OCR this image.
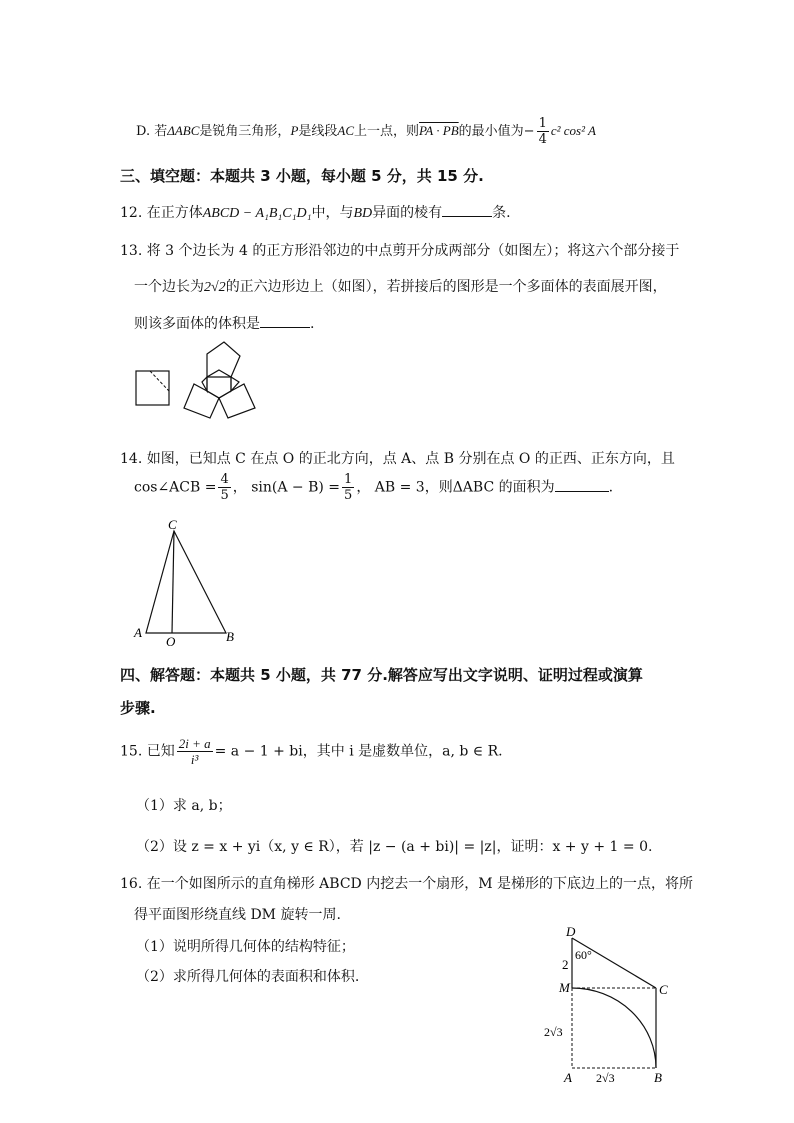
D. 若ΔABC是锐角三角形，P是线段AC上一点，则PA · PB的最小值为− $\frac{1}{4} c^2$ cos² A
三、填空题：本题共 3 小题，每小题 5 分，共 15 分.
12. 在正方体ABCD − A₁B₁C₁D₁中，与BD异面的棱有	条.
13. 将 3 个边长为 4 的正方形沿邻边的中点剪开分成两部分（如图左）；将这六个部分接于
一个边长为2√2的正六边形边上（如图），若拼接后的图形是一个多面体的表面展开图，
则该多面体的体积是	.
14. 如图，已知点 C 在点 O 的正北方向，点 A、点 B 分别在点 O 的正西、正东方向，且
cos∠ACB = $\frac{4}{5}$ ， $\sin(A - B) = \frac{1}{5}$ ， AB = 3，则ΔABC 的面积为	.
C
A
O	B
四、解答题：本题共 5 小题，共 77 分.解答应写出文字说明、证明过程或演算
步骤.
15. 已知 $\frac{2i + a}{\text{i³}} = a - 1$ + bi，其中 i 是虚数单位，a, b ∈ R.
（1）求 a, b；
（2）设 z = x + yi（x, y ∈ R），若 |z − (a + bi)| = |z|，证明：x + y + 1 = 0.
16. 在一个如图所示的直角梯形 ABCD 内挖去一个扇形，M 是梯形的下底边上的一点，将所
得平面图形绕直线 DM 旋转一周.
（1）说明所得几何体的结构特征；
（2）求所得几何体的表面积和体积.
D
60°
2
M	C
2√3
A 2√3	B
